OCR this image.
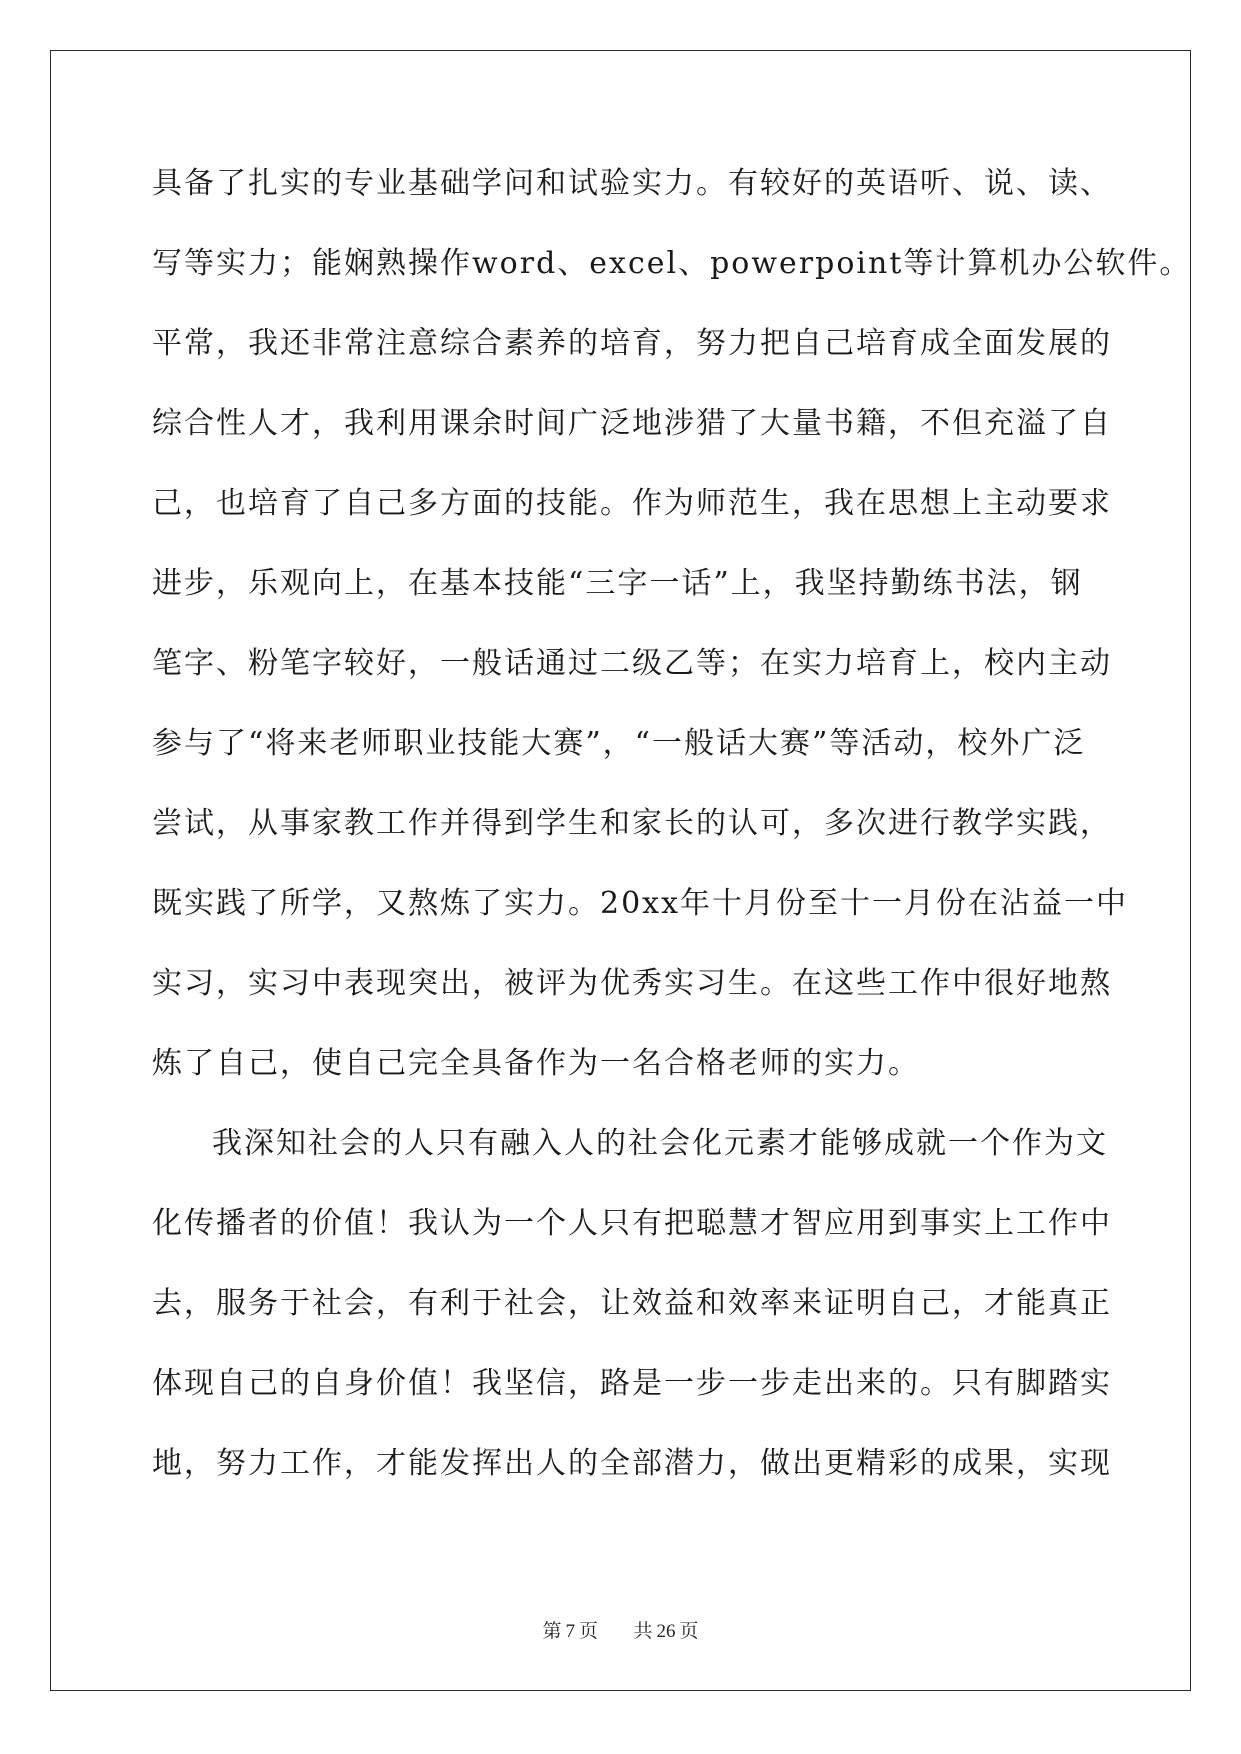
具备了扎实的专业基础学问和试验实力。有较好的英语听、说、读、
写等实力；能娴熟操作word、excel、powerpoint等计算机办公软件。
平常，我还非常注意综合素养的培育，努力把自己培育成全面发展的
综合性人才，我利用课余时间广泛地涉猎了大量书籍，不但充溢了自
己，也培育了自己多方面的技能。作为师范生，我在思想上主动要求
进步，乐观向上，在基本技能“三字一话”上，我坚持勤练书法，钢
笔字、粉笔字较好，一般话通过二级乙等；在实力培育上，校内主动
参与了“将来老师职业技能大赛”，“一般话大赛”等活动，校外广泛
尝试，从事家教工作并得到学生和家长的认可，多次进行教学实践，
既实践了所学，又熬炼了实力。20xx年十月份至十一月份在沾益一中
实习，实习中表现突出，被评为优秀实习生。在这些工作中很好地熬
炼了自己，使自己完全具备作为一名合格老师的实力。
我深知社会的人只有融入人的社会化元素才能够成就一个作为文
化传播者的价值！我认为一个人只有把聪慧才智应用到事实上工作中
去，服务于社会，有利于社会，让效益和效率来证明自己，才能真正
体现自己的自身价值！我坚信，路是一步一步走出来的。只有脚踏实
地，努力工作，才能发挥出人的全部潜力，做出更精彩的成果，实现
第 7 页 共 26 页
